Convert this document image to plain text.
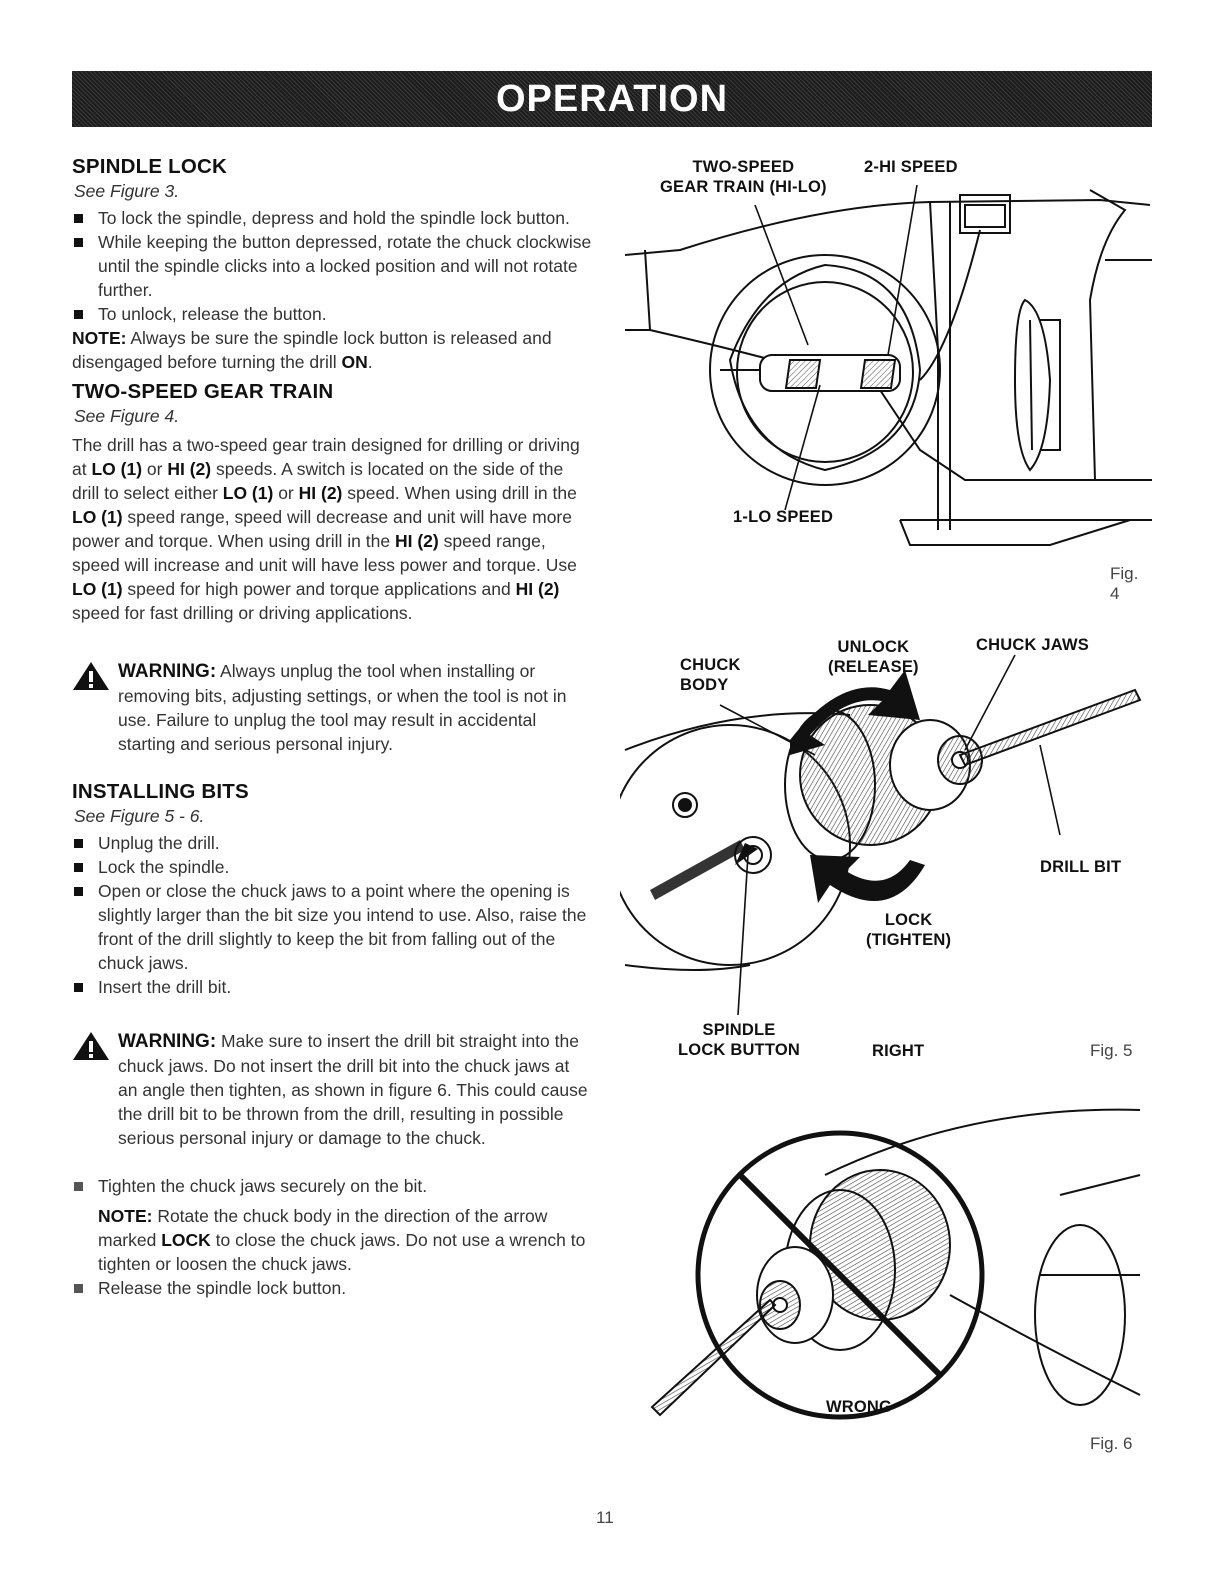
OPERATION
SPINDLE LOCK
See Figure 3.
To lock the spindle, depress and hold the spindle lock button.
While keeping the button depressed, rotate the chuck clockwise until the spindle clicks into a locked position and will not rotate further.
To unlock, release the button.

NOTE: Always be sure the spindle lock button is released and disengaged before turning the drill ON.

TWO-SPEED GEAR TRAIN
See Figure 4.

The drill has a two-speed gear train designed for drilling or driving at LO (1) or HI (2) speeds. A switch is located on the side of the drill to select either LO (1) or HI (2) speed. When using drill in the LO (1) speed range, speed will decrease and unit will have more power and torque. When using drill in the HI (2) speed range, speed will increase and unit will have less power and torque. Use LO (1) speed for high power and torque applications and HI (2) speed for fast drilling or driving applications.

WARNING: Always unplug the tool when installing or removing bits, adjusting settings, or when the tool is not in use. Failure to unplug the tool may result in accidental starting and serious personal injury.

INSTALLING BITS
See Figure 5 - 6.
Unplug the drill.
Lock the spindle.
Open or close the chuck jaws to a point where the opening is slightly larger than the bit size you intend to use. Also, raise the front of the drill slightly to keep the bit from falling out of the chuck jaws.
Insert the drill bit.

WARNING: Make sure to insert the drill bit straight into the chuck jaws. Do not insert the drill bit into the chuck jaws at an angle then tighten, as shown in figure 6. This could cause the drill bit to be thrown from the drill, resulting in possible serious personal injury or damage to the chuck.

Tighten the chuck jaws securely on the bit.

NOTE: Rotate the chuck body in the direction of the arrow marked LOCK to close the chuck jaws. Do not use a wrench to tighten or loosen the chuck jaws.

Release the spindle lock button.
TWO-SPEED
GEAR TRAIN (HI-LO)
2-HI SPEED
1-LO SPEED
Fig. 4
UNLOCK
(RELEASE)
CHUCK JAWS
CHUCK
BODY
DRILL BIT
LOCK
(TIGHTEN)
SPINDLE
LOCK BUTTON	RIGHT	Fig. 5
WRONG
Fig. 6
11
